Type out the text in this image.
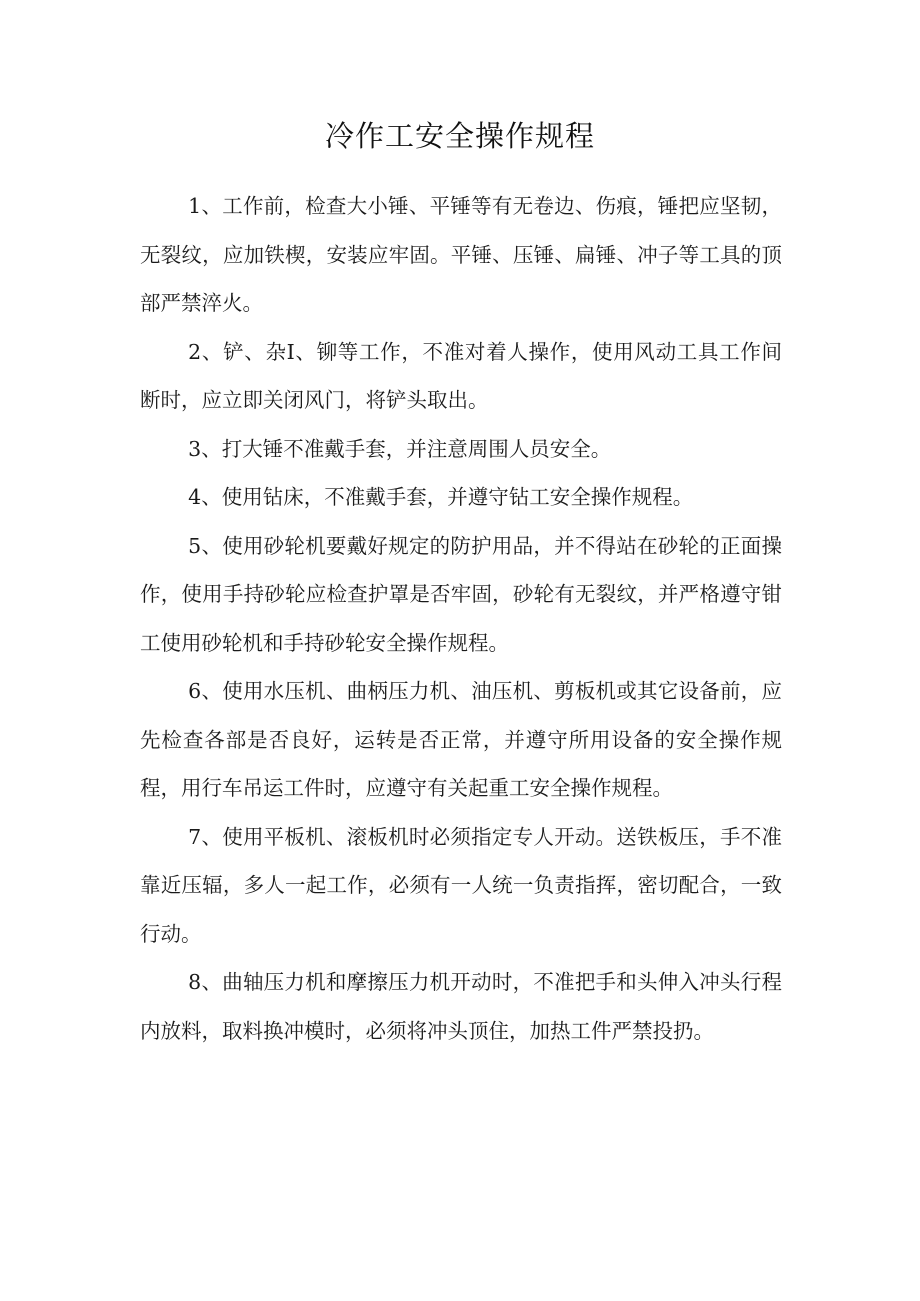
冷作工安全操作规程

1、工作前，检查大小锤、平锤等有无卷边、伤痕，锤把应坚韧，无裂纹，应加铁楔，安装应牢固。平锤、压锤、扁锤、冲子等工具的顶部严禁淬火。

2、铲、杂I、铆等工作，不准对着人操作，使用风动工具工作间断时，应立即关闭风门，将铲头取出。

3、打大锤不准戴手套，并注意周围人员安全。

4、使用钻床，不准戴手套，并遵守钻工安全操作规程。

5、使用砂轮机要戴好规定的防护用品，并不得站在砂轮的正面操作，使用手持砂轮应检查护罩是否牢固，砂轮有无裂纹，并严格遵守钳工使用砂轮机和手持砂轮安全操作规程。

6、使用水压机、曲柄压力机、油压机、剪板机或其它设备前，应先检查各部是否良好，运转是否正常，并遵守所用设备的安全操作规程，用行车吊运工件时，应遵守有关起重工安全操作规程。

7、使用平板机、滚板机时必须指定专人开动。送铁板压，手不准靠近压辐，多人一起工作，必须有一人统一负责指挥，密切配合，一致行动。

8、曲轴压力机和摩擦压力机开动时，不准把手和头伸入冲头行程内放料，取料换冲模时，必须将冲头顶住，加热工件严禁投扔。
